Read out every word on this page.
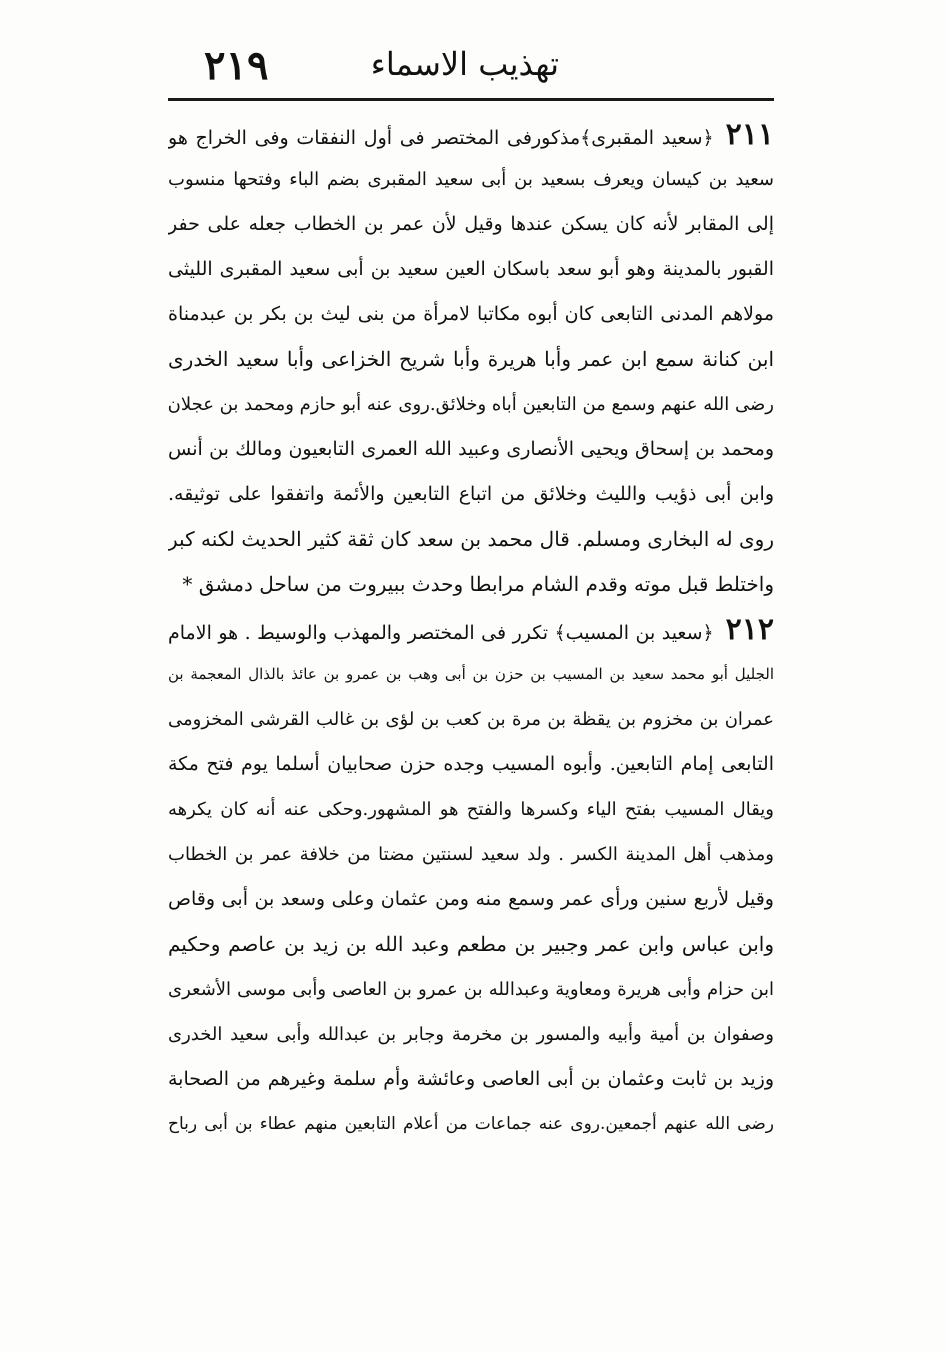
تهذيب الاسماء
٢١٩
٢١١﴿سعيد المقبرى﴾مذكورفى المختصر فى أول النفقات وفى الخراج هو
سعيد بن كيسان ويعرف بسعيد بن أبى سعيد المقبرى بضم الباء وفتحها منسوب
إلى المقابر لأنه كان يسكن عندها وقيل لأن عمر بن الخطاب جعله على حفر
القبور بالمدينة وهو أبو سعد باسكان العين سعيد بن أبى سعيد المقبرى الليثى
مولاهم المدنى التابعى كان أبوه مكاتبا لامرأة من بنى ليث بن بكر بن عبدمناة
ابن كنانة سمع ابن عمر وأبا هريرة وأبا شريح الخزاعى وأبا سعيد الخدرى
رضى الله عنهم وسمع من التابعين أباه وخلائق.روى عنه أبو حازم ومحمد بن عجلان
ومحمد بن إسحاق ويحيى الأنصارى وعبيد الله العمرى التابعيون ومالك بن أنس
وابن أبى ذؤيب والليث وخلائق من اتباع التابعين والأئمة واتفقوا على توثيقه.
روى له البخارى ومسلم. قال محمد بن سعد كان ثقة كثير الحديث لكنه كبر
واختلط قبل موته وقدم الشام مرابطا وحدث ببيروت من ساحل دمشق *
٢١٢﴿سعيد بن المسيب﴾ تكرر فى المختصر والمهذب والوسيط . هو الامام
الجليل أبو محمد سعيد بن المسيب بن حزن بن أبى وهب بن عمرو بن عائذ بالذال المعجمة بن
عمران بن مخزوم بن يقظة بن مرة بن كعب بن لؤى بن غالب القرشى المخزومى
التابعى إمام التابعين. وأبوه المسيب وجده حزن صحابيان أسلما يوم فتح مكة
ويقال المسيب بفتح الياء وكسرها والفتح هو المشهور.وحكى عنه أنه كان يكرهه
ومذهب أهل المدينة الكسر . ولد سعيد لسنتين مضتا من خلافة عمر بن الخطاب
وقيل لأربع سنين ورأى عمر وسمع منه ومن عثمان وعلى وسعد بن أبى وقاص
وابن عباس وابن عمر وجبير بن مطعم وعبد الله بن زيد بن عاصم وحكيم
ابن حزام وأبى هريرة ومعاوية وعبدالله بن عمرو بن العاصى وأبى موسى الأشعرى
وصفوان بن أمية وأبيه والمسور بن مخرمة وجابر بن عبدالله وأبى سعيد الخدرى
وزيد بن ثابت وعثمان بن أبى العاصى وعائشة وأم سلمة وغيرهم من الصحابة
رضى الله عنهم أجمعين.روى عنه جماعات من أعلام التابعين منهم عطاء بن أبى رباح
